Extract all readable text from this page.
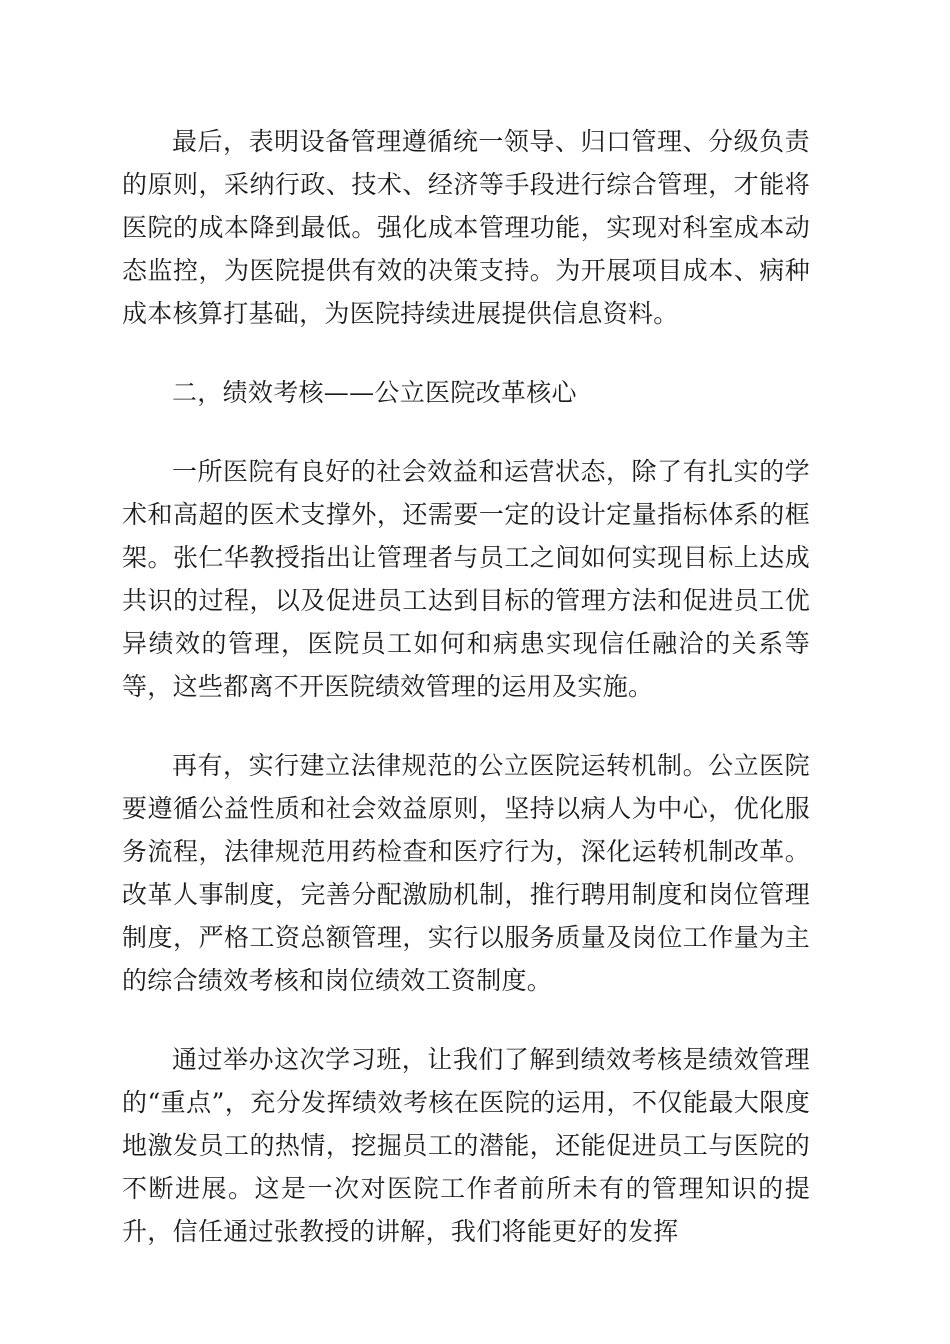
最后，表明设备管理遵循统一领导、归口管理、分级负责的原则，采纳行政、技术、经济等手段进行综合管理，才能将医院的成本降到最低。强化成本管理功能，实现对科室成本动态监控，为医院提供有效的决策支持。为开展项目成本、病种成本核算打基础，为医院持续进展提供信息资料。

二，绩效考核——公立医院改革核心

一所医院有良好的社会效益和运营状态，除了有扎实的学术和高超的医术支撑外，还需要一定的设计定量指标体系的框架。张仁华教授指出让管理者与员工之间如何实现目标上达成共识的过程，以及促进员工达到目标的管理方法和促进员工优异绩效的管理，医院员工如何和病患实现信任融洽的关系等等，这些都离不开医院绩效管理的运用及实施。

再有，实行建立法律规范的公立医院运转机制。公立医院要遵循公益性质和社会效益原则，坚持以病人为中心，优化服务流程，法律规范用药检查和医疗行为，深化运转机制改革。改革人事制度，完善分配激励机制，推行聘用制度和岗位管理制度，严格工资总额管理，实行以服务质量及岗位工作量为主的综合绩效考核和岗位绩效工资制度。

通过举办这次学习班，让我们了解到绩效考核是绩效管理的“重点”，充分发挥绩效考核在医院的运用，不仅能最大限度地激发员工的热情，挖掘员工的潜能，还能促进员工与医院的不断进展。这是一次对医院工作者前所未有的管理知识的提升，信任通过张教授的讲解，我们将能更好的发挥
